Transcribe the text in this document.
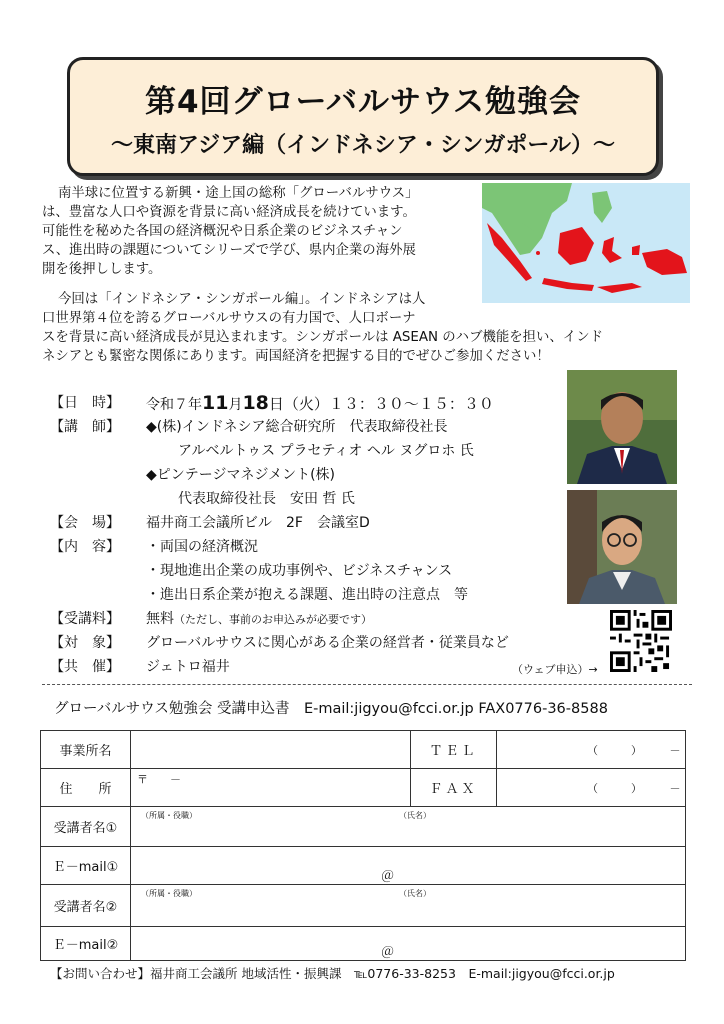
第4回グローバルサウス勉強会
～東南アジア編（インドネシア・シンガポール）～
南半球に位置する新興・途上国の総称「グローバルサウス」
は、豊富な人口や資源を背景に高い経済成長を続けています。
可能性を秘めた各国の経済概況や日系企業のビジネスチャン
ス、進出時の課題についてシリーズで学び、県内企業の海外展
開を後押しします。
今回は「インドネシア・シンガポール編」。インドネシアは人
口世界第４位を誇るグローバルサウスの有力国で、人口ボーナ
スを背景に高い経済成長が見込まれます。シンガポールは ASEAN のハブ機能を担い、インド
ネシアとも緊密な関係にあります。両国経済を把握する目的でぜひご参加ください！
【日　時】 令和７年11月18日（火）１３：３０～１５：３０
【講　師】 ◆(株)インドネシア総合研究所　代表取締役社長
アルベルトゥス プラセティオ ヘル ヌグロホ 氏
◆ピンテージマネジメント(株)
代表取締役社長　安田 哲 氏
【会　場】 福井商工会議所ビル　2F　会議室D
【内　容】 ・両国の経済概況
・現地進出企業の成功事例や、ビジネスチャンス
・進出日系企業が抱える課題、進出時の注意点　等
【受講料】 無料（ただし、事前のお申込みが必要です）
【対　象】 グローバルサウスに関心がある企業の経営者・従業員など
【共　催】 ジェトロ福井	（ウェブ申込）→
グローバルサウス勉強会 受講申込書　E-mail:jigyou@fcci.or.jp FAX0776-36-8588
事業所名		ＴＥＬ	（　　　）　　　－
住　　所	〒　　－	ＦＡＸ	（　　　）　　　－
受講者名①	（所属・役職） （氏名）		

Ｅ－mail①	＠		
受講者名②	（所属・役職） （氏名）		

Ｅ－mail②	＠		
【お問い合わせ】福井商工会議所 地域活性・振興課　℡0776-33-8253　E-mail:jigyou@fcci.or.jp
